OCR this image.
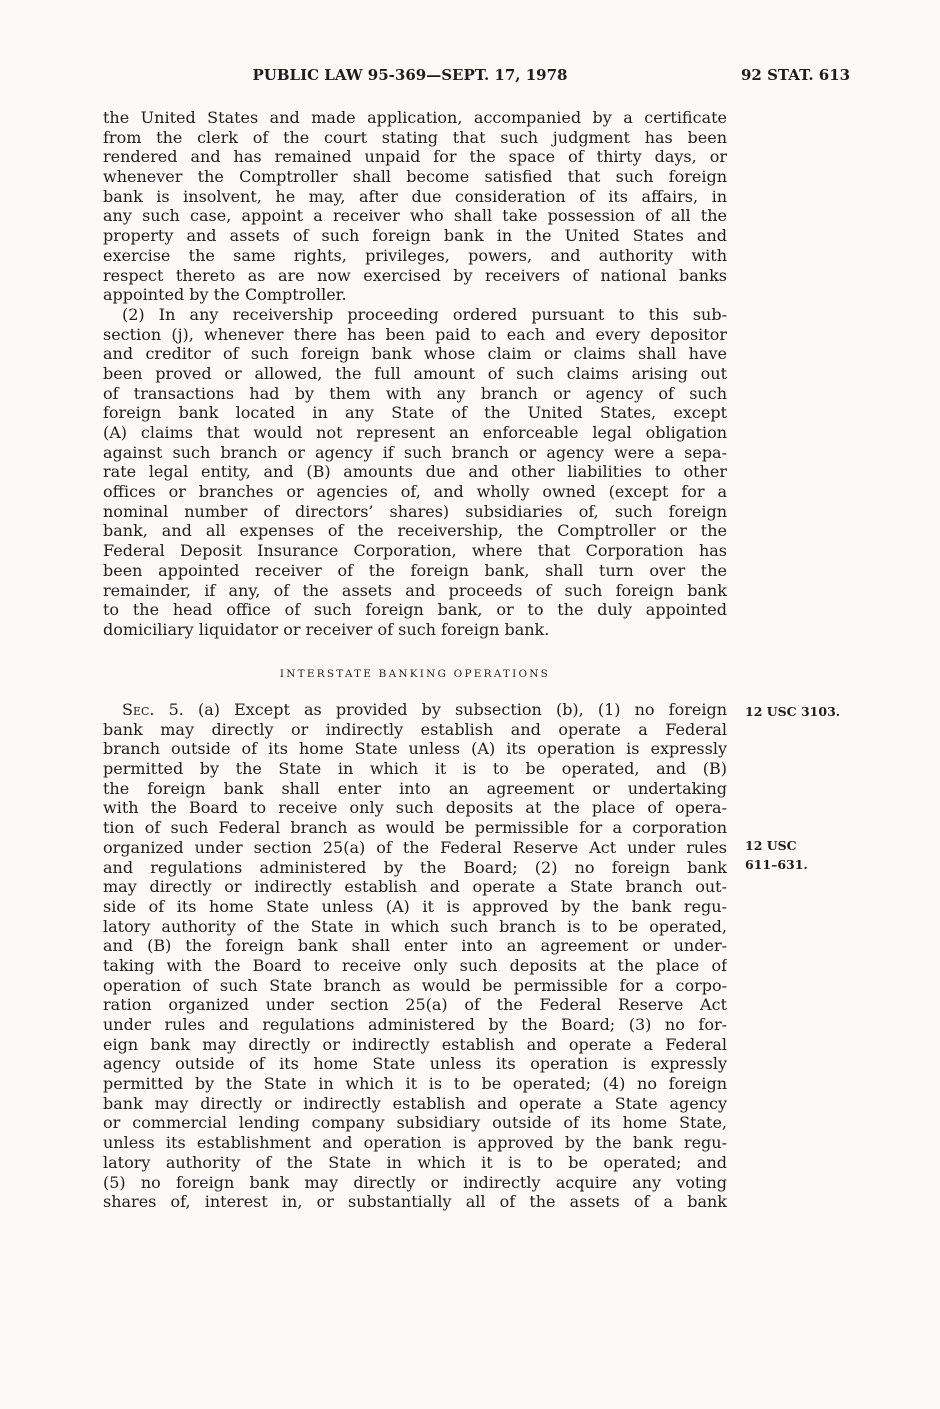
PUBLIC LAW 95-369—SEPT. 17, 1978	92 STAT. 613
the United States and made application, accompanied by a certificate
from the clerk of the court stating that such judgment has been
rendered and has remained unpaid for the space of thirty days, or
whenever the Comptroller shall become satisfied that such foreign
bank is insolvent, he may, after due consideration of its affairs, in
any such case, appoint a receiver who shall take possession of all the
property and assets of such foreign bank in the United States and
exercise the same rights, privileges, powers, and authority with
respect thereto as are now exercised by receivers of national banks
appointed by the Comptroller.
(2) In any receivership proceeding ordered pursuant to this sub-
section (j), whenever there has been paid to each and every depositor
and creditor of such foreign bank whose claim or claims shall have
been proved or allowed, the full amount of such claims arising out
of transactions had by them with any branch or agency of such
foreign bank located in any State of the United States, except
(A) claims that would not represent an enforceable legal obligation
against such branch or agency if such branch or agency were a sepa-
rate legal entity, and (B) amounts due and other liabilities to other
offices or branches or agencies of, and wholly owned (except for a
nominal number of directors’ shares) subsidiaries of, such foreign
bank, and all expenses of the receivership, the Comptroller or the
Federal Deposit Insurance Corporation, where that Corporation has
been appointed receiver of the foreign bank, shall turn over the
remainder, if any, of the assets and proceeds of such foreign bank
to the head office of such foreign bank, or to the duly appointed
domiciliary liquidator or receiver of such foreign bank.
INTERSTATE BANKING OPERATIONS
Sec. 5. (a) Except as provided by subsection (b), (1) no foreign
bank may directly or indirectly establish and operate a Federal
branch outside of its home State unless (A) its operation is expressly
permitted by the State in which it is to be operated, and (B)
the foreign bank shall enter into an agreement or undertaking
with the Board to receive only such deposits at the place of opera-
tion of such Federal branch as would be permissible for a corporation
organized under section 25(a) of the Federal Reserve Act under rules
and regulations administered by the Board; (2) no foreign bank
may directly or indirectly establish and operate a State branch out-
side of its home State unless (A) it is approved by the bank regu-
latory authority of the State in which such branch is to be operated,
and (B) the foreign bank shall enter into an agreement or under-
taking with the Board to receive only such deposits at the place of
operation of such State branch as would be permissible for a corpo-
ration organized under section 25(a) of the Federal Reserve Act
under rules and regulations administered by the Board; (3) no for-
eign bank may directly or indirectly establish and operate a Federal
agency outside of its home State unless its operation is expressly
permitted by the State in which it is to be operated; (4) no foreign
bank may directly or indirectly establish and operate a State agency
or commercial lending company subsidiary outside of its home State,
unless its establishment and operation is approved by the bank regu-
latory authority of the State in which it is to be operated; and
(5) no foreign bank may directly or indirectly acquire any voting
shares of, interest in, or substantially all of the assets of a bank
12 USC 3103.
12 USC
611–631.
